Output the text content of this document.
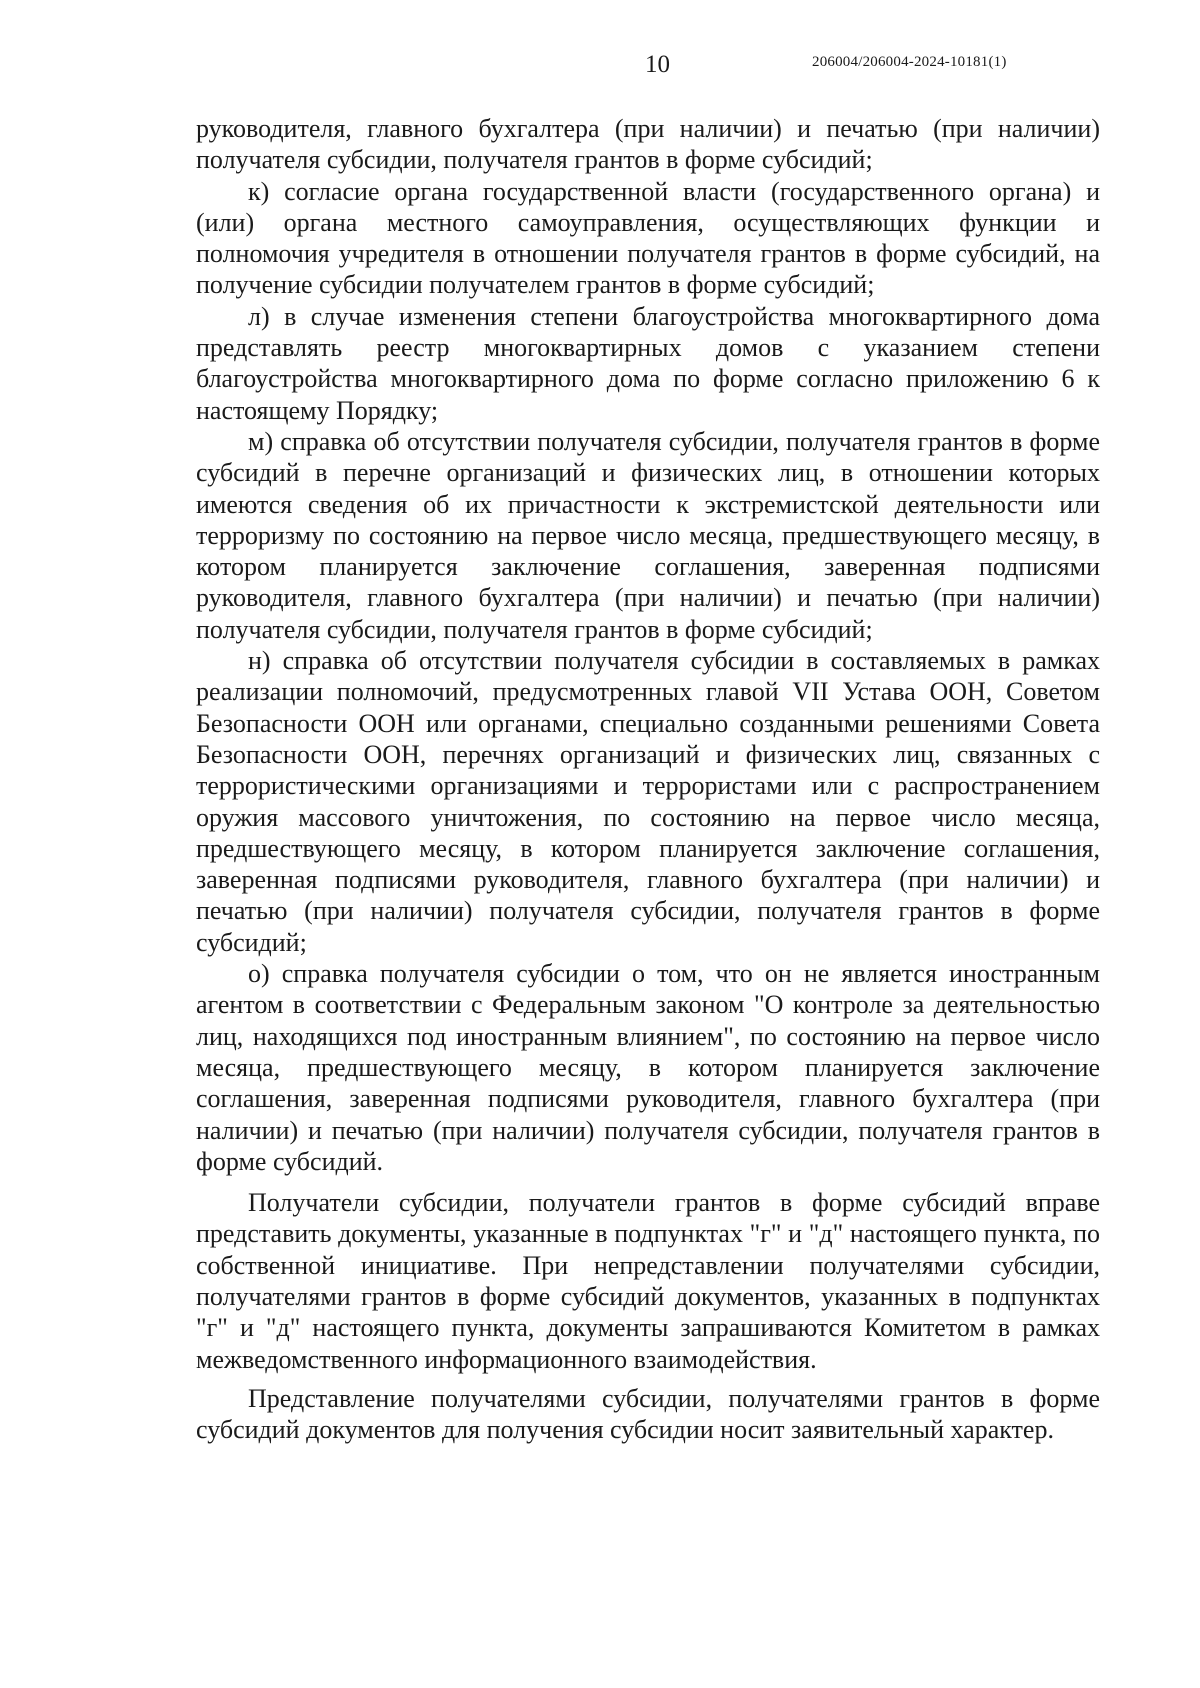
10	206004/206004-2024-10181(1)

руководителя, главного бухгалтера (при наличии) и печатью (при наличии) получателя субсидии, получателя грантов в форме субсидий;

к) согласие органа государственной власти (государственного органа) и (или) органа местного самоуправления, осуществляющих функции и полномочия учредителя в отношении получателя грантов в форме субсидий, на получение субсидии получателем грантов в форме субсидий;

л) в случае изменения степени благоустройства многоквартирного дома представлять реестр многоквартирных домов с указанием степени благоустройства многоквартирного дома по форме согласно приложению 6 к настоящему Порядку;

м) справка об отсутствии получателя субсидии, получателя грантов в форме субсидий в перечне организаций и физических лиц, в отношении которых имеются сведения об их причастности к экстремистской деятельности или терроризму по состоянию на первое число месяца, предшествующего месяцу, в котором планируется заключение соглашения, заверенная подписями руководителя, главного бухгалтера (при наличии) и печатью (при наличии) получателя субсидии, получателя грантов в форме субсидий;

н) справка об отсутствии получателя субсидии в составляемых в рамках реализации полномочий, предусмотренных главой VII Устава ООН, Советом Безопасности ООН или органами, специально созданными решениями Совета Безопасности ООН, перечнях организаций и физических лиц, связанных с террористическими организациями и террористами или с распространением оружия массового уничтожения, по состоянию на первое число месяца, предшествующего месяцу, в котором планируется заключение соглашения, заверенная подписями руководителя, главного бухгалтера (при наличии) и печатью (при наличии) получателя субсидии, получателя грантов в форме субсидий;

о) справка получателя субсидии о том, что он не является иностранным агентом в соответствии с Федеральным законом "О контроле за деятельностью лиц, находящихся под иностранным влиянием", по состоянию на первое число месяца, предшествующего месяцу, в котором планируется заключение соглашения, заверенная подписями руководителя, главного бухгалтера (при наличии) и печатью (при наличии) получателя субсидии, получателя грантов в форме субсидий.

Получатели субсидии, получатели грантов в форме субсидий вправе представить документы, указанные в подпунктах "г" и "д" настоящего пункта, по собственной инициативе. При непредставлении получателями субсидии, получателями грантов в форме субсидий документов, указанных в подпунктах "г" и "д" настоящего пункта, документы запрашиваются Комитетом в рамках межведомственного информационного взаимодействия.

Представление получателями субсидии, получателями грантов в форме субсидий документов для получения субсидии носит заявительный характер.
